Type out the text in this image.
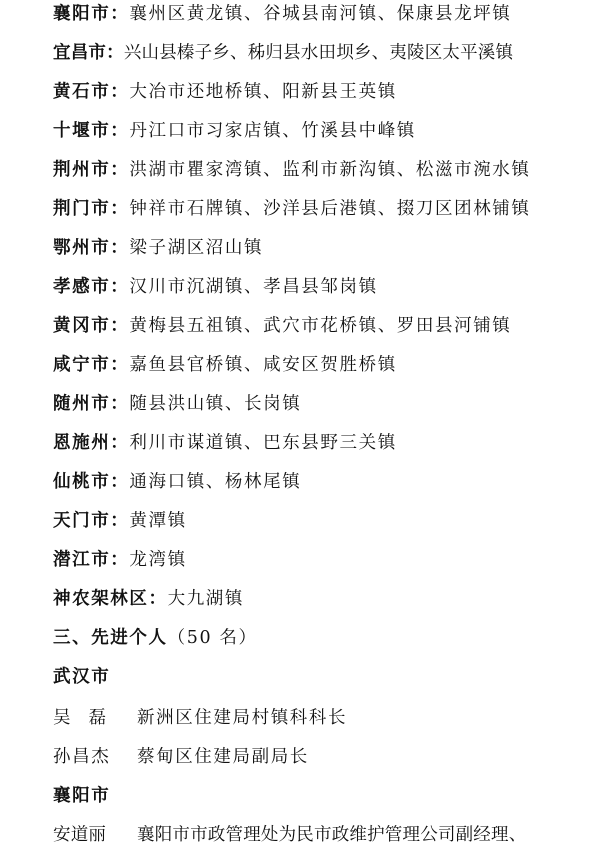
襄阳市：襄州区黄龙镇、谷城县南河镇、保康县龙坪镇
宜昌市：兴山县榛子乡、秭归县水田坝乡、夷陵区太平溪镇
黄石市：大冶市还地桥镇、阳新县王英镇
十堰市：丹江口市习家店镇、竹溪县中峰镇
荆州市：洪湖市瞿家湾镇、监利市新沟镇、松滋市涴水镇
荆门市：钟祥市石牌镇、沙洋县后港镇、掇刀区团林铺镇
鄂州市：梁子湖区沼山镇
孝感市：汉川市沉湖镇、孝昌县邹岗镇
黄冈市：黄梅县五祖镇、武穴市花桥镇、罗田县河铺镇
咸宁市：嘉鱼县官桥镇、咸安区贺胜桥镇
随州市：随县洪山镇、长岗镇
恩施州：利川市谋道镇、巴东县野三关镇
仙桃市：通海口镇、杨林尾镇
天门市：黄潭镇
潜江市：龙湾镇
神农架林区：大九湖镇
三、先进个人（50 名）
武汉市
吴磊 新洲区住建局村镇科科长
孙昌杰 蔡甸区住建局副局长
襄阳市
安道丽 襄阳市市政管理处为民市政维护管理公司副经理、
